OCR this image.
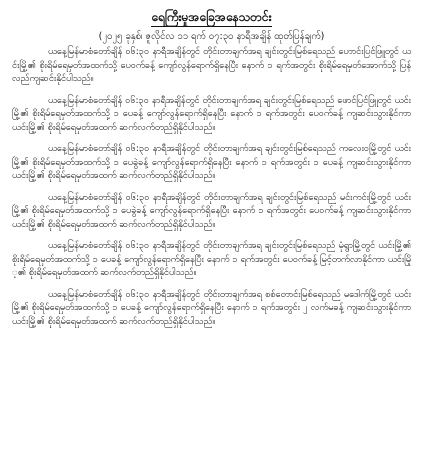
ရေကြီးမှုအခြေအနေသတင်း
(၂၀၂၅ ခုနှစ်၊ ဇူလိုင်လ ၁၁ ရက် ၀၇:၃၀ နာရီအချိန် ထုတ်ပြန်ချက်)

ယနေ့မြန်မာစံတော်ချိန် ၀၆:၃၀ နာရီအချိန်တွင် တိုင်းတာချက်အရ ချင်းတွင်းမြစ်ရေသည် ဟောင်းပြင်ဖြူတွင် ယင်းမြို့၏ စိုးရိမ်ရေမှတ်အထက်သို့ ပေ၀က်ခန့် ကျော်လွန်ရောက်ရှိနေပြီး နောက် ၁ ရက်အတွင်း စိုးရိမ်ရေမှတ်အောက်သို့ ပြန်လည်ကျဆင်းနိုင်ပါသည်။

ယနေ့မြန်မာစံတော်ချိန် ၀၆:၃၀ နာရီအချိန်တွင် တိုင်းတာချက်အရ ချင်းတွင်းမြစ်ရေသည် ဖောင်ပြင်ဖြူတွင် ယင်းမြို့၏ စိုးရိမ်ရေမှတ်အထက်သို့ ၁ ပေခန့် ကျော်လွန်ရောက်ရှိနေပြီး နောက် ၁ ရက်အတွင်း ပေ၀က်ခန့် ကျဆင်းသွားနိုင်ကာ ယင်းမြို့၏ စိုးရိမ်ရေမှတ်အထက် ဆက်လက်တည်ရှိနိုင်ပါသည်။

ယနေ့မြန်မာစံတော်ချိန် ၀၆:၃၀ နာရီအချိန်တွင် တိုင်းတာချက်အရ ချင်းတွင်းမြစ်ရေသည် ကလေးဝမြို့တွင် ယင်းမြို့၏ စိုးရိမ်ရေမှတ်အထက်သို့ ၁ ပေခွဲခန့် ကျော်လွန်ရောက်ရှိနေပြီး နောက် ၁ ရက်အတွင်း ၁ ပေခန့် ကျဆင်းသွားနိုင်ကာ ယင်းမြို့၏ စိုးရိမ်ရေမှတ်အထက် ဆက်လက်တည်ရှိနိုင်ပါသည်။

ယနေ့မြန်မာစံတော်ချိန် ၀၆:၃၀ နာရီအချိန်တွင် တိုင်းတာချက်အရ ချင်းတွင်းမြစ်ရေသည် မင်းကင်းမြို့တွင် ယင်းမြို့၏ စိုးရိမ်ရေမှတ်အထက်သို့ ၁ ပေခွဲခန့် ကျော်လွန်ရောက်ရှိနေပြီး နောက် ၁ ရက်အတွင်း ပေ၀က်ခန့် ကျဆင်းသွားနိုင်ကာ ယင်းမြို့၏ စိုးရိမ်ရေမှတ်အထက် ဆက်လက်တည်ရှိနိုင်ပါသည်။

ယနေ့မြန်မာစံတော်ချိန် ၀၆:၃၀ နာရီအချိန်တွင် တိုင်းတာချက်အရ ချင်းတွင်းမြစ်ရေသည် မုံရွာမြို့တွင် ယင်းမြို့၏ စိုးရိမ်ရေမှတ်အထက်သို့ ၁ ပေခန့် ကျော်လွန်ရောက်ရှိနေပြီး နောက် ၁ ရက်အတွင်း ပေ၀က်ခန့် မြင့်တက်လာနိုင်ကာ ယင်းမြို့၏ စိုးရိမ်ရေမှတ်အထက် ဆက်လက်တည်ရှိနိုင်ပါသည်။

ယနေ့မြန်မာစံတော်ချိန် ၀၆:၃၀ နာရီအချိန်တွင် တိုင်းတာချက်အရ စစ်တောင်းမြစ်ရေသည် မဒေါက်မြို့တွင် ယင်းမြို့၏ စိုးရိမ်ရေမှတ်အထက်သို့ ၁ ပေခန့် ကျော်လွန်ရောက်ရှိနေပြီး နောက် ၁ ရက်အတွင်း ၂ လက်မခန့် ကျဆင်းသွားနိုင်ကာ ယင်းမြို့၏ စိုးရိမ်ရေမှတ်အထက် ဆက်လက်တည်ရှိနိုင်ပါသည်။
